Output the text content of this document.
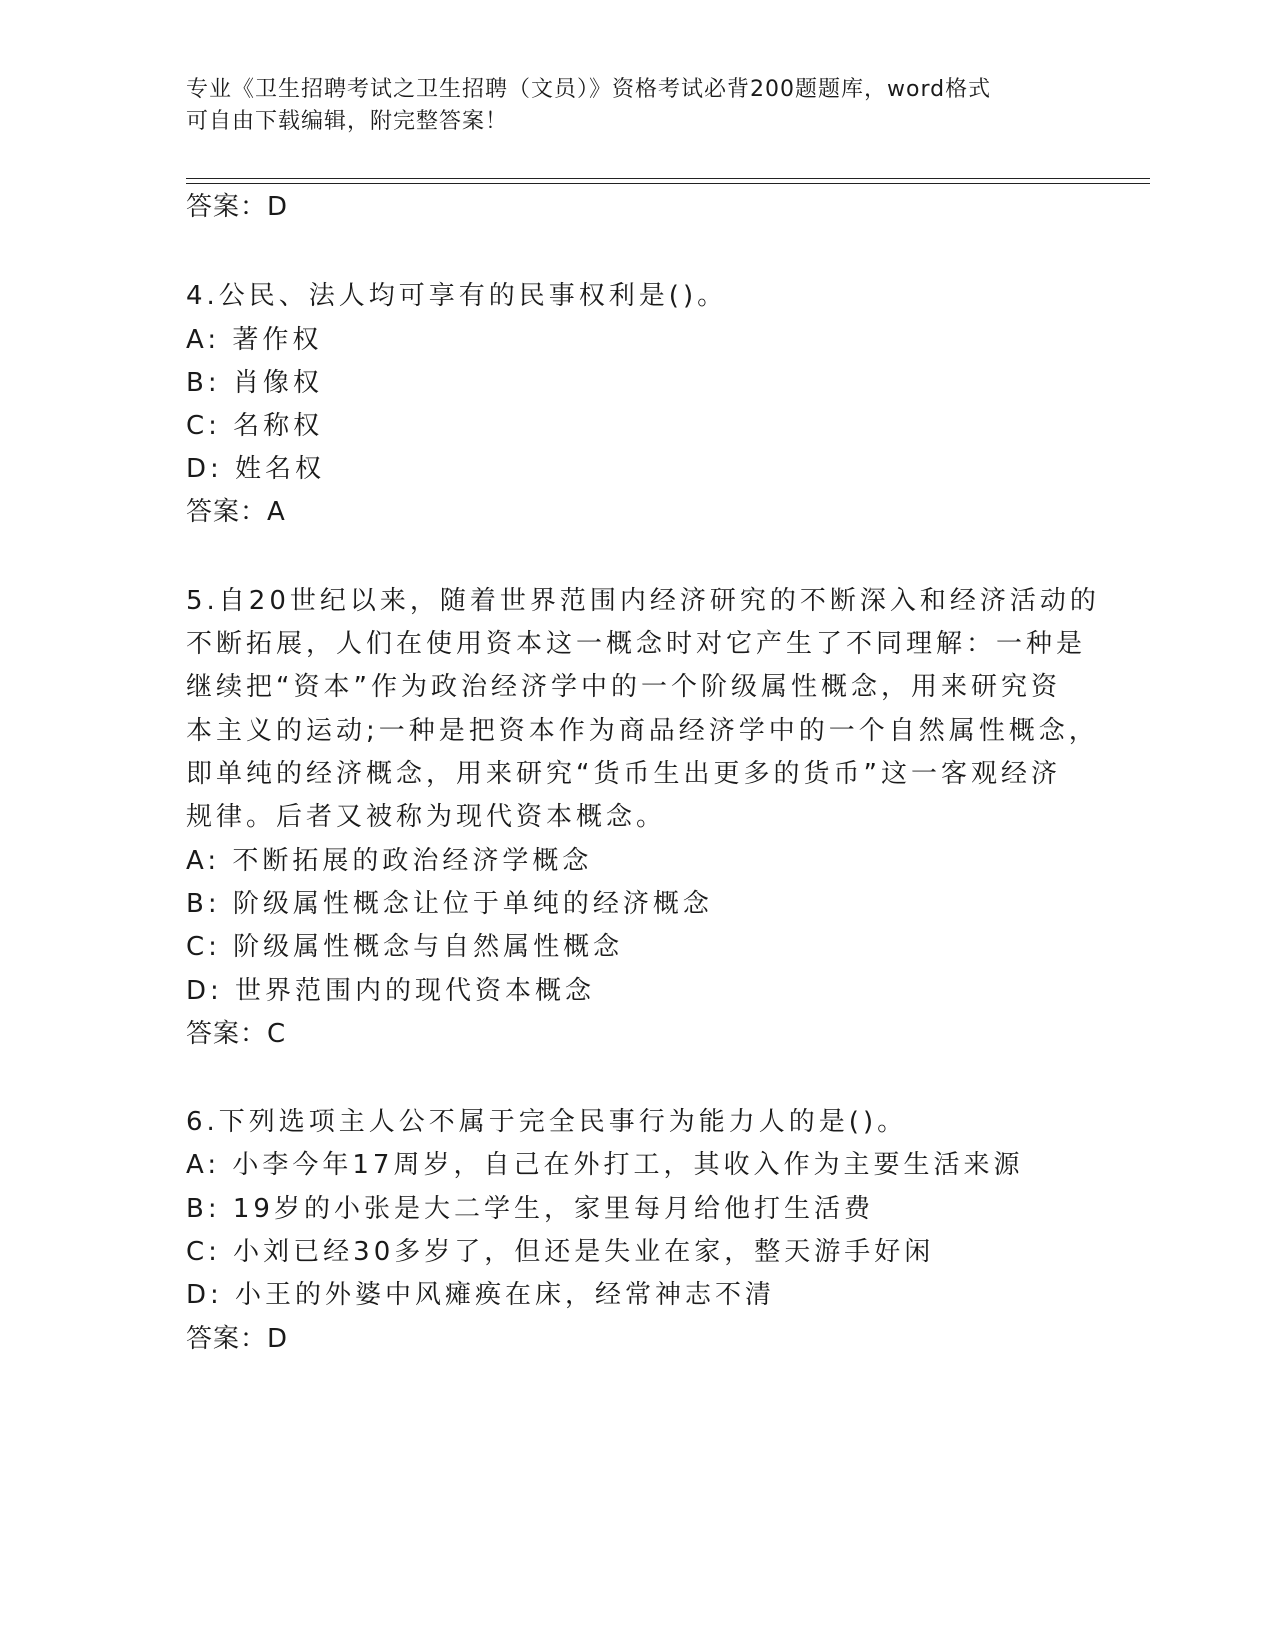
专业《卫生招聘考试之卫生招聘（文员）》资格考试必背200题题库，word格式
可自由下载编辑，附完整答案！
答案：D
4.公民、法人均可享有的民事权利是()。
A: 著作权
B: 肖像权
C: 名称权
D: 姓名权
答案：A
5.自20世纪以来，随着世界范围内经济研究的不断深入和经济活动的
不断拓展，人们在使用资本这一概念时对它产生了不同理解：一种是
继续把“资本”作为政治经济学中的一个阶级属性概念，用来研究资
本主义的运动;一种是把资本作为商品经济学中的一个自然属性概念，
即单纯的经济概念，用来研究“货币生出更多的货币”这一客观经济
规律。后者又被称为现代资本概念。
A: 不断拓展的政治经济学概念
B: 阶级属性概念让位于单纯的经济概念
C: 阶级属性概念与自然属性概念
D: 世界范围内的现代资本概念
答案：C
6.下列选项主人公不属于完全民事行为能力人的是()。
A: 小李今年17周岁，自己在外打工，其收入作为主要生活来源
B: 19岁的小张是大二学生，家里每月给他打生活费
C: 小刘已经30多岁了，但还是失业在家，整天游手好闲
D: 小王的外婆中风瘫痪在床，经常神志不清
答案：D
